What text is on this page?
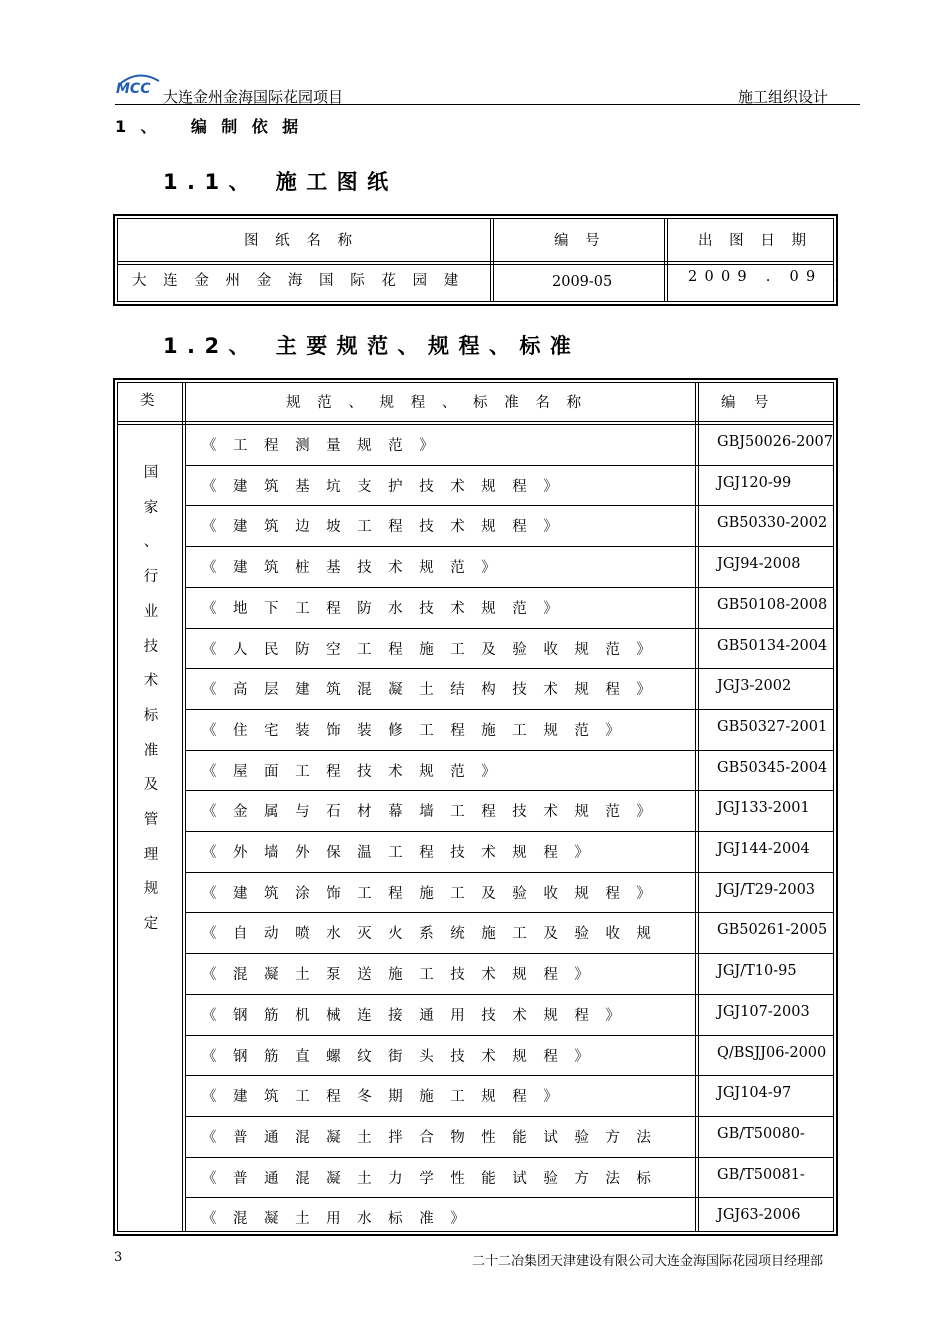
MCC 大连金州金海国际花园项目	施工组织设计
1、 编制依据
1.1、 施工图纸
图纸名称	编号	出图日期
大连金州金海国际花园建	2009-05	2009 . 09 .
1.2、 主要规范、规程、标准
类	规范、规程、标准名称	编    号
国
家
、
行
业
技
术
标
准
及
管
理
规
定
《工程测量规范》	GBJ50026-2007
《建筑基坑支护技术规程》	JGJ120-99
《建筑边坡工程技术规程》	GB50330-2002
《建筑桩基技术规范》	JGJ94-2008
《地下工程防水技术规范》	GB50108-2008
《人民防空工程施工及验收规范》	GB50134-2004
《高层建筑混凝土结构技术规程》	JGJ3-2002
《住宅装饰装修工程施工规范》	GB50327-2001
《屋面工程技术规范》	GB50345-2004
《金属与石材幕墙工程技术规范》	JGJ133-2001
《外墙外保温工程技术规程》	JGJ144-2004
《建筑涂饰工程施工及验收规程》	JGJ/T29-2003
《自动喷水灭火系统施工及验收规	GB50261-2005
《混凝土泵送施工技术规程》	JGJ/T10-95
《钢筋机械连接通用技术规程》	JGJ107-2003
《钢筋直螺纹街头技术规程》	Q/BSJJ06-2000
《建筑工程冬期施工规程》	JGJ104-97
《普通混凝土拌合物性能试验方法	GB/T50080-
《普通混凝土力学性能试验方法标	GB/T50081-
《混凝土用水标准》	JGJ63-2006
3	二十二冶集团天津建设有限公司大连金海国际花园项目经理部
